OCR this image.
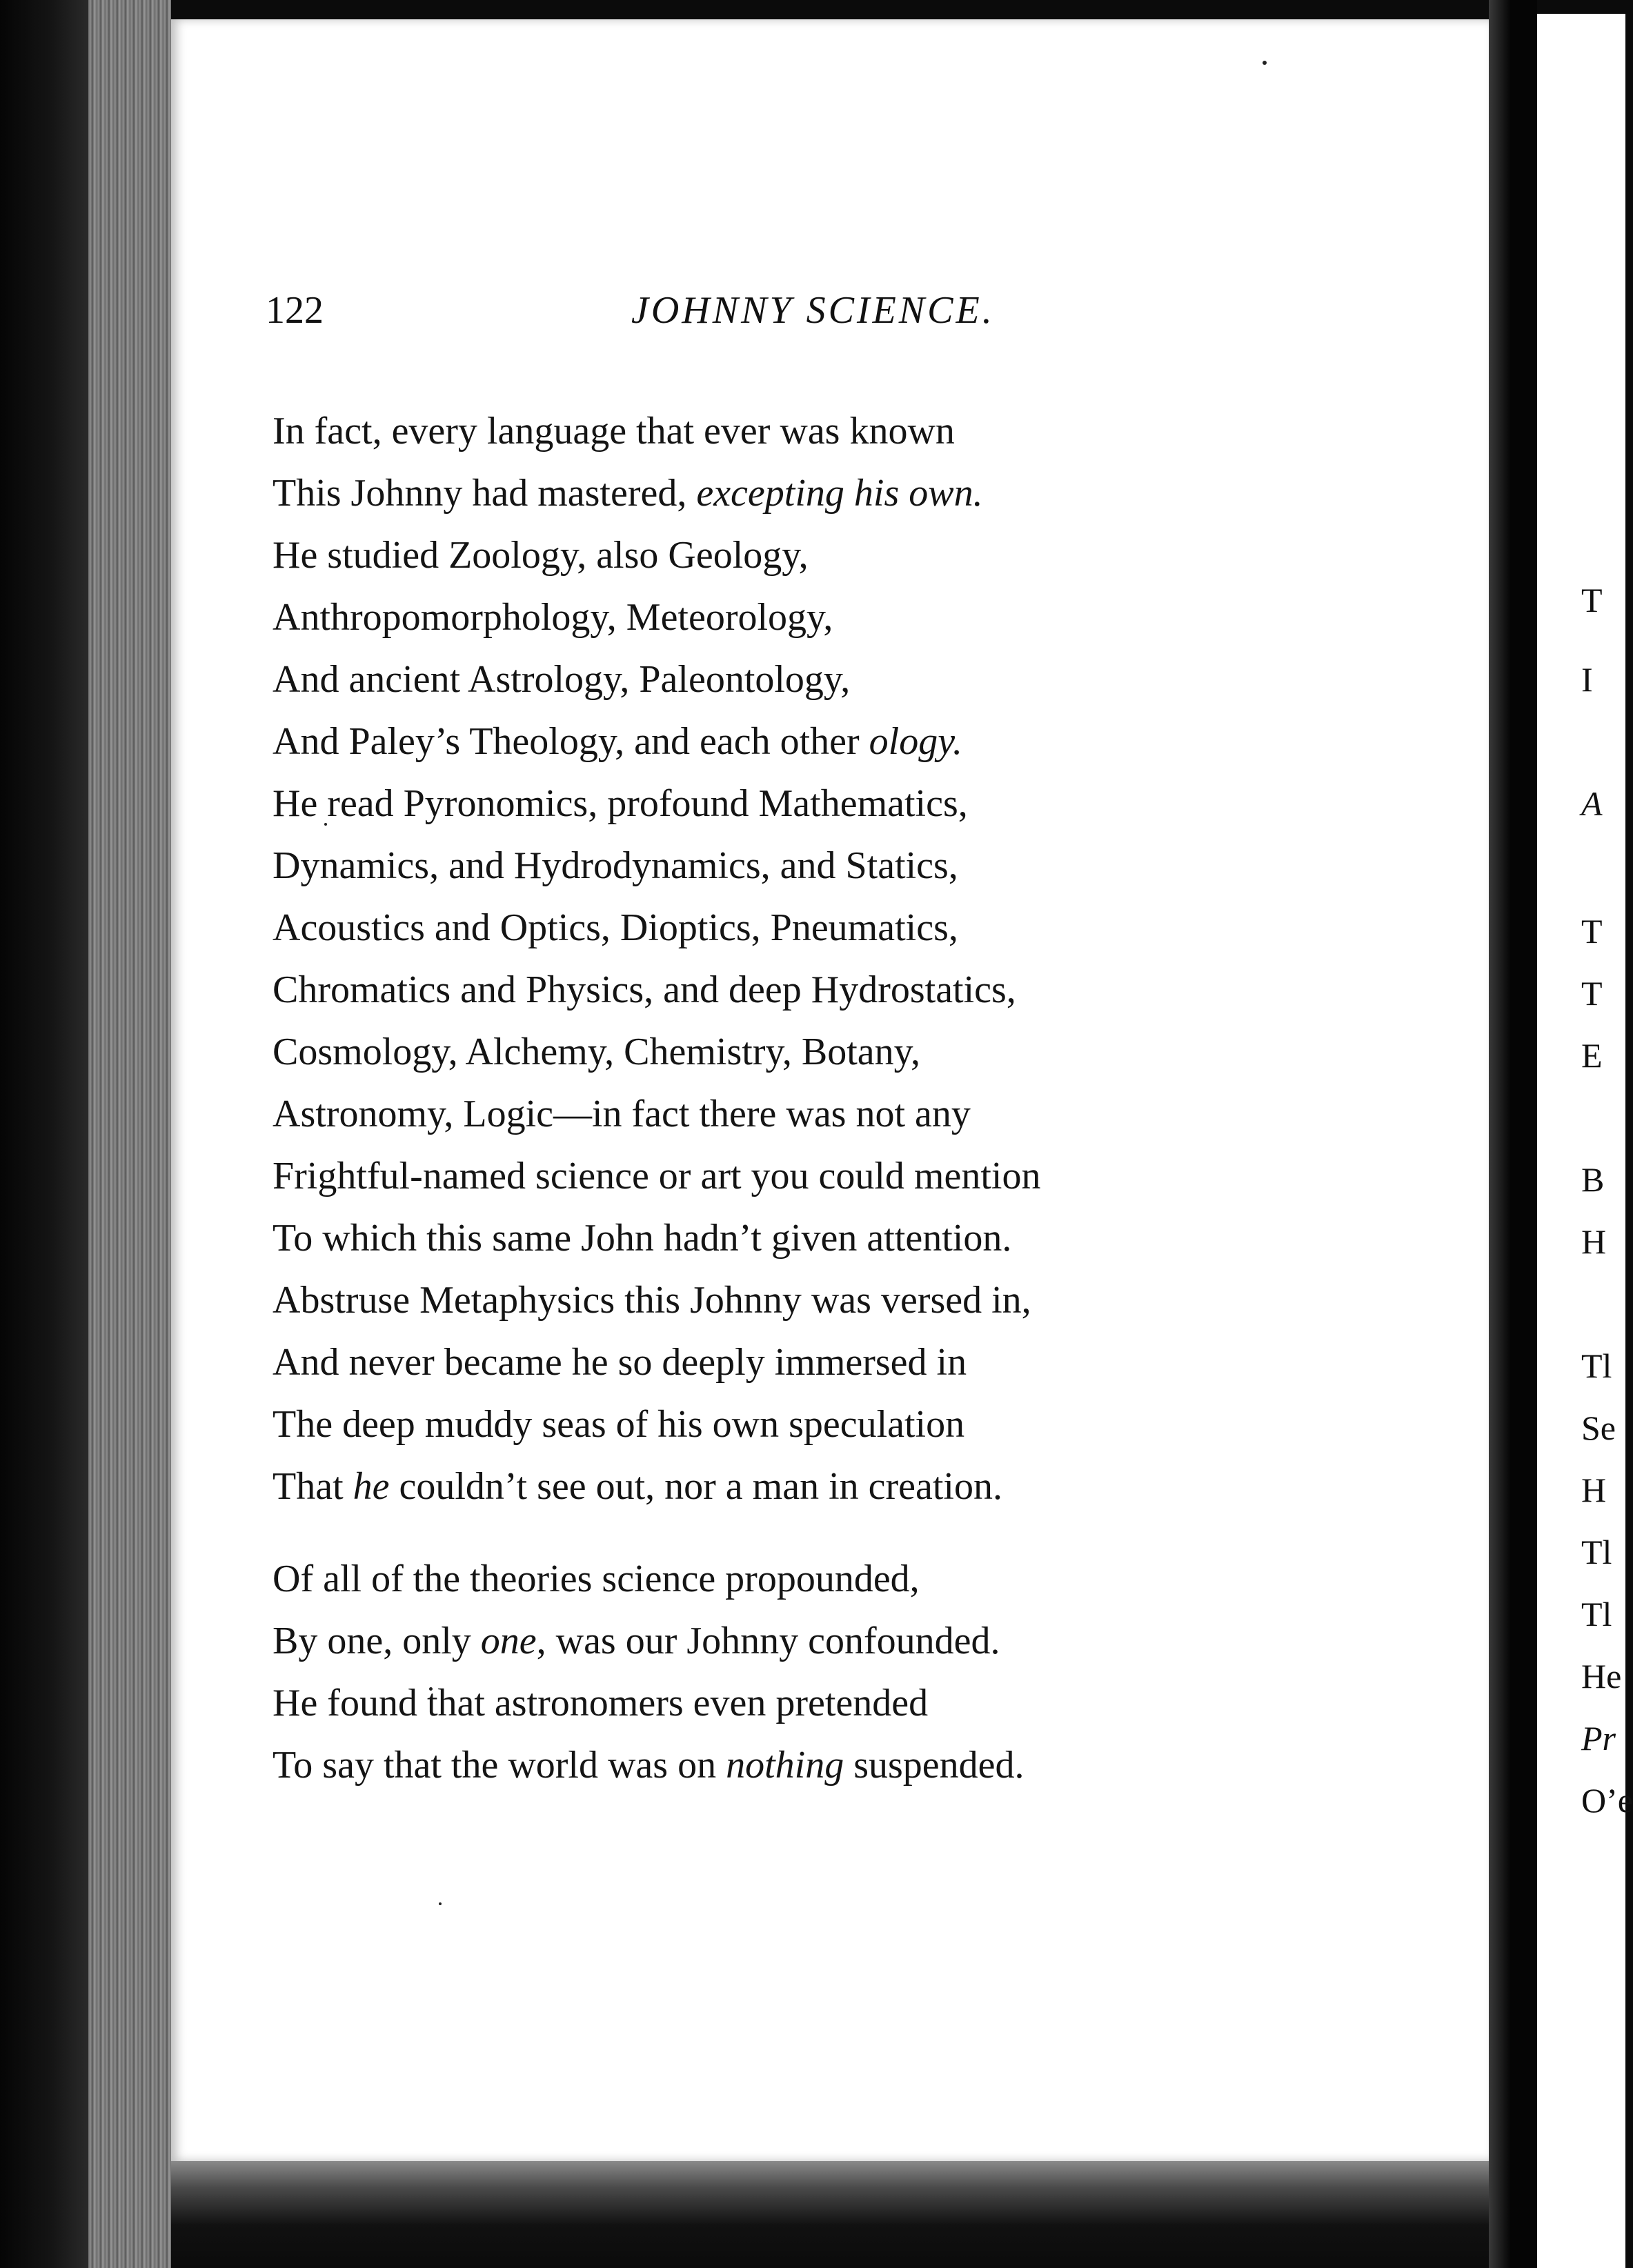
122	JOHNNY SCIENCE.
In fact, every language that ever was known
This Johnny had mastered, excepting his own.
He studied Zoology, also Geology,
Anthropomorphology, Meteorology,
And ancient Astrology, Paleontology,
And Paley’s Theology, and each other ology.
He read Pyronomics, profound Mathematics,
Dynamics, and Hydrodynamics, and Statics,
Acoustics and Optics, Dioptics, Pneumatics,
Chromatics and Physics, and deep Hydrostatics,
Cosmology, Alchemy, Chemistry, Botany,
Astronomy, Logic—in fact there was not any
Frightful-named science or art you could mention
To which this same John hadn’t given attention.
Abstruse Metaphysics this Johnny was versed in,
And never became he so deeply immersed in
The deep muddy seas of his own speculation
That he couldn’t see out, nor a man in creation.
Of all of the theories science propounded,
By one, only one, was our Johnny confounded.
He found that astronomers even pretended
To say that the world was on nothing suspended.
T
I
A
T
T
E
B
H
Tl
Se
H
Tl
Tl
He
Pr
O’e
